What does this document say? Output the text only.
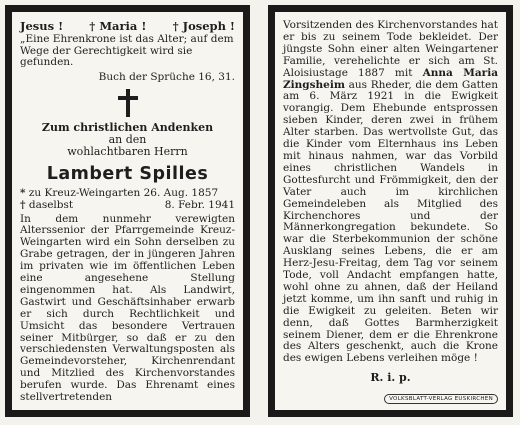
Jesus ! † Maria ! † Joseph !
„Eine Ehrenkrone ist das Alter; auf dem Wege der Gerechtigkeit wird sie gefunden.
Buch der Sprüche 16, 31.
Zum christlichen Andenken
an den
wohlachtbaren Herrn
Lambert Spilles
* zu Kreuz-Weingarten 26. Aug. 1857
† daselbst	8. Febr. 1941
In dem nunmehr verewigten Alterssenior der Pfarrgemeinde Kreuz-Weingarten wird ein Sohn derselben zu Grabe getragen, der in jüngeren Jahren im privaten wie im öffentlichen Leben eine angesehene Stellung eingenommen hat. Als Landwirt, Gastwirt und Geschäftsinhaber erwarb er sich durch Rechtlichkeit und Umsicht das besondere Vertrauen seiner Mitbürger, so daß er zu den verschiedensten Verwaltungsposten als Gemeindevorsteher, Kirchenrendant und Mitzlied des Kirchenvorstandes berufen wurde. Das Ehrenamt eines stellvertretenden
Vorsitzenden des Kirchenvorstandes hat er bis zu seinem Tode bekleidet. Der jüngste Sohn einer alten Weingartener Familie, verehelichte er sich am St. Aloisiustage 1887 mit Anna Maria Zingsheim aus Rheder, die dem Gatten am 6. März 1921 in die Ewigkeit vorangig. Dem Ehebunde entsprossen sieben Kinder, deren zwei in frühem Alter starben. Das wertvollste Gut, das die Kinder vom Elternhaus ins Leben mit hinaus nahmen, war das Vorbild eines christlichen Wandels in Gottesfurcht und Frömmigkeit, den der Vater auch im kirchlichen Gemeindeleben als Mitglied des Kirchenchores und der Männerkongregation bekundete. So war die Sterbekommunion der schöne Ausklang seines Lebens, die er am Herz-Jesu-Freitag, dem Tag vor seinem Tode, voll Andacht empfangen hatte, wohl ohne zu ahnen, daß der Heiland jetzt komme, um ihn sanft und ruhig in die Ewigkeit zu geleiten. Beten wir denn, daß Gottes Barmherzigkeit seinem Diener, dem er die Ehrenkrone des Alters geschenkt, auch die Krone des ewigen Lebens verleihen möge !
R. i. p.
VOLKSBLATT-VERLAG EUSKIRCHEN
